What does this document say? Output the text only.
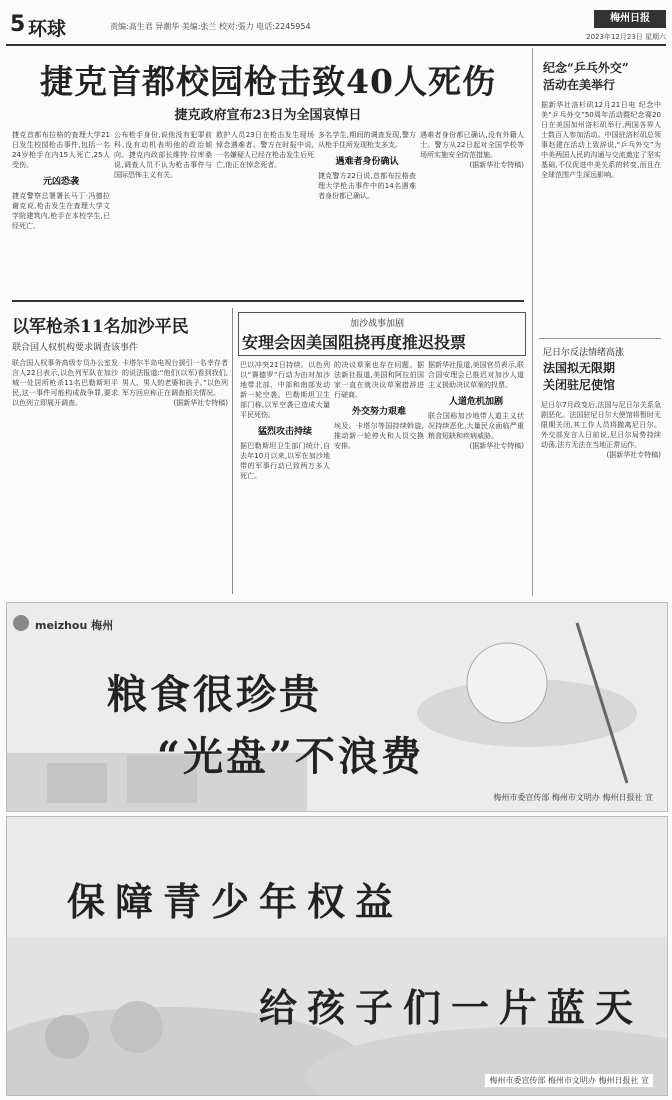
5 环球	责编:高生君 异潮华 美编:张兰 校对:張力 电话:2245954
梅州日报
2023年12月23日 星期六
捷克首都校园枪击致40人死伤
捷克政府宣布23日为全国哀悼日
捷克首都布拉格的查理大学21日发生校园枪击事件,包括一名24岁枪手在内15人死亡,25人受伤。
元凶恐袭
捷克警察总署署长马丁·冯德拉谢克说,枪击发生在查理大学文学院建筑内,枪手在本校学生,已经死亡。
公布枪手身份,说他没有犯罪前科,没有动机表明他的政治倾向。捷克内政部长维特·拉库桑说,调查人员不认为枪击事件与国际恐怖主义有关。
救护人员23日在枪击发生现场悼念遇难者。警方在时报中说,一名嫌疑人已经在枪击发生后死亡,他正在悼念死者。
多名学生,期间的调查发现,警方从枪手住所发现枪支多支。
遇难者身份确认
捷克警方22日说,首都布拉格查理大学枪击事件中的14名遇难者身份都已确认。
遇难者身份都已确认,没有外籍人士。警方从22日起对全国学校等场所实施安全防范措施。
(据新华社专特稿)
纪念“乒乓外交”
活动在美举行
据新华社洛杉矶12月21日电 纪念中美“乒乓外交”50周年活动暨纪念赛20日在美国加州洛杉矶举行,两国各界人士数百人参加活动。中国驻洛杉矶总领事赵建在活动上致辞说,“乒乓外交”为中美两国人民的沟通与交流奠定了坚实基础,不仅促进中美关系的转变,而且在全球范围产生深远影响。
尼日尔反法情绪高涨
法国拟无限期
关闭驻尼使馆
尼日尔7月政变后,法国与尼日尔关系急剧恶化。法国驻尼日尔大使馆将暂时无限期关闭,其工作人员将撤离尼日尔。外交部发言人日前说,尼日尔局势持续动荡,法方无法在当地正常运作。
(据新华社专特稿)
以军枪杀11名加沙平民
联合国人权机构要求调查该事件
联合国人权事务高级专员办公室发言人22日表示,以色列军队在加沙城一处居所枪杀11名巴勒斯坦平民,这一事件可能构成战争罪,要求以色列立即展开调查。
卡塔尔半岛电视台援引一名幸存者的说法报道:“他们(以军)看到我们,男人、男人的老婆和孩子。”以色列军方回应称正在调查相关情况。
(据新华社专特稿)
加沙战事加剧
安理会因美国阻挠再度推迟投票
巴以冲突21日持续。以色列以“赛德罗”行动为由对加沙地带北部、中部和南部发动新一轮空袭。巴勒斯坦卫生部门称,以军空袭已造成大量平民死伤。
猛烈攻击持续
据巴勒斯坦卫生部门统计,自去年10月以来,以军在加沙地带的军事行动已致两万多人死亡。
的决议草案也存在问题。据法新社报道,美国和阿拉伯国家一直在就决议草案措辞进行磋商。
外交努力艰难
埃及、卡塔尔等国持续斡旋,推动新一轮停火和人员交换安排。
据新华社报道,美国官员表示,联合国安理会已推迟对加沙人道主义援助决议草案的投票。
人道危机加剧
联合国称加沙地带人道主义状况持续恶化,大量民众面临严重粮食短缺和疾病威胁。
(据新华社专特稿)
meizhou 梅州
粮食很珍贵
“光盘”不浪费
梅州市委宣传部 梅州市文明办 梅州日报社 宣
保障青少年权益
给孩子们一片蓝天
梅州市委宣传部 梅州市文明办 梅州日报社 宣
